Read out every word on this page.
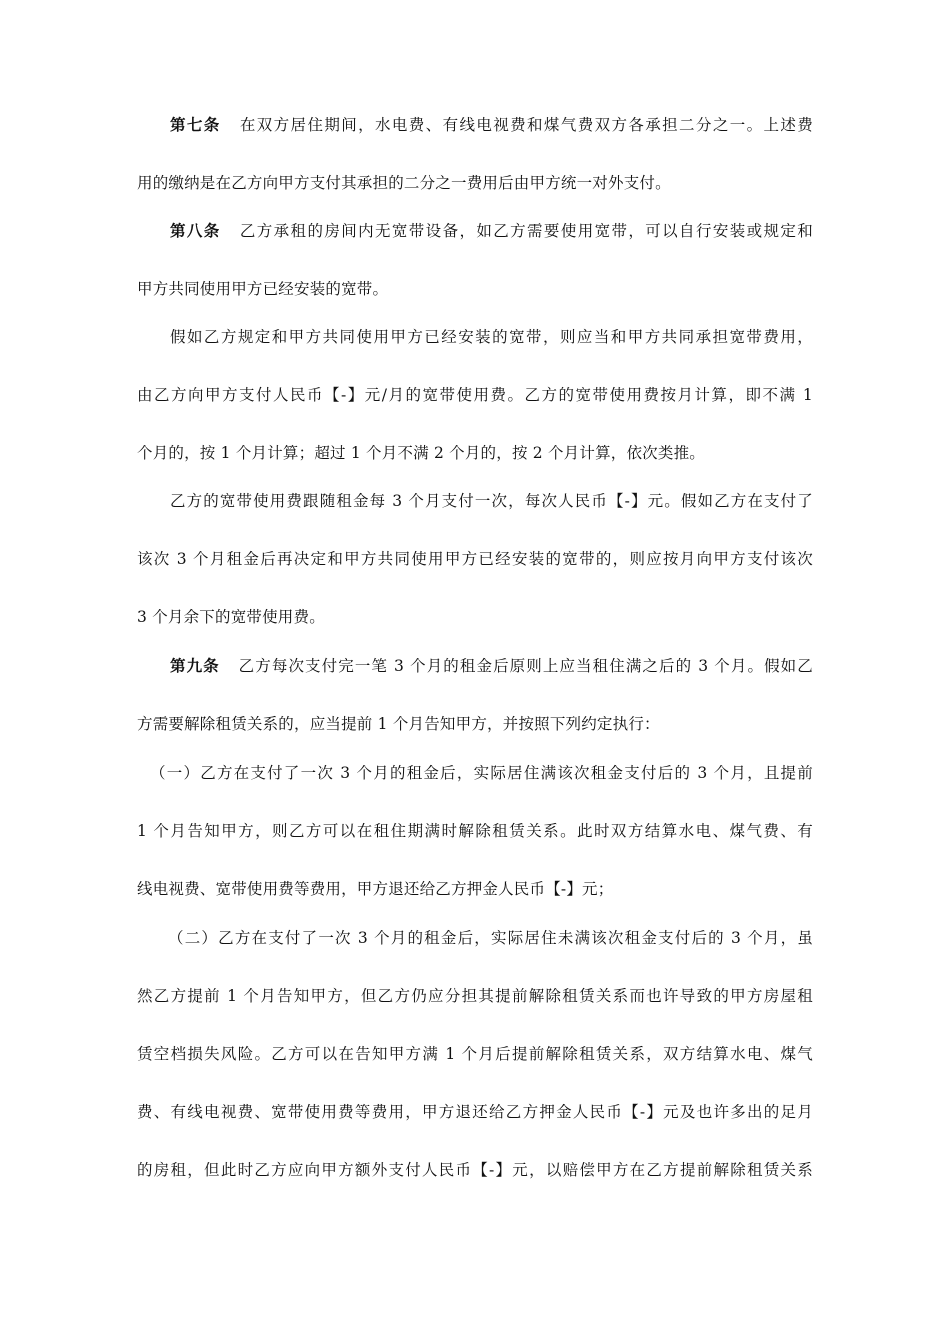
第七条 在双方居住期间，水电费、有线电视费和煤气费双方各承担二分之一。上述费
用的缴纳是在乙方向甲方支付其承担的二分之一费用后由甲方统一对外支付。
第八条 乙方承租的房间内无宽带设备，如乙方需要使用宽带，可以自行安装或规定和
甲方共同使用甲方已经安装的宽带。
假如乙方规定和甲方共同使用甲方已经安装的宽带，则应当和甲方共同承担宽带费用，
由乙方向甲方支付人民币【-】元/月的宽带使用费。乙方的宽带使用费按月计算，即不满 1
个月的，按 1 个月计算；超过 1 个月不满 2 个月的，按 2 个月计算，依次类推。
乙方的宽带使用费跟随租金每 3 个月支付一次，每次人民币【-】元。假如乙方在支付了
该次 3 个月租金后再决定和甲方共同使用甲方已经安装的宽带的，则应按月向甲方支付该次
3 个月余下的宽带使用费。
第九条 乙方每次支付完一笔 3 个月的租金后原则上应当租住满之后的 3 个月。假如乙
方需要解除租赁关系的，应当提前 1 个月告知甲方，并按照下列约定执行：
（一）乙方在支付了一次 3 个月的租金后，实际居住满该次租金支付后的 3 个月，且提前
1 个月告知甲方，则乙方可以在租住期满时解除租赁关系。此时双方结算水电、煤气费、有
线电视费、宽带使用费等费用，甲方退还给乙方押金人民币【-】元；
（二）乙方在支付了一次 3 个月的租金后，实际居住未满该次租金支付后的 3 个月，虽
然乙方提前 1 个月告知甲方，但乙方仍应分担其提前解除租赁关系而也许导致的甲方房屋租
赁空档损失风险。乙方可以在告知甲方满 1 个月后提前解除租赁关系，双方结算水电、煤气
费、有线电视费、宽带使用费等费用，甲方退还给乙方押金人民币【-】元及也许多出的足月
的房租，但此时乙方应向甲方额外支付人民币【-】元，以赔偿甲方在乙方提前解除租赁关系
